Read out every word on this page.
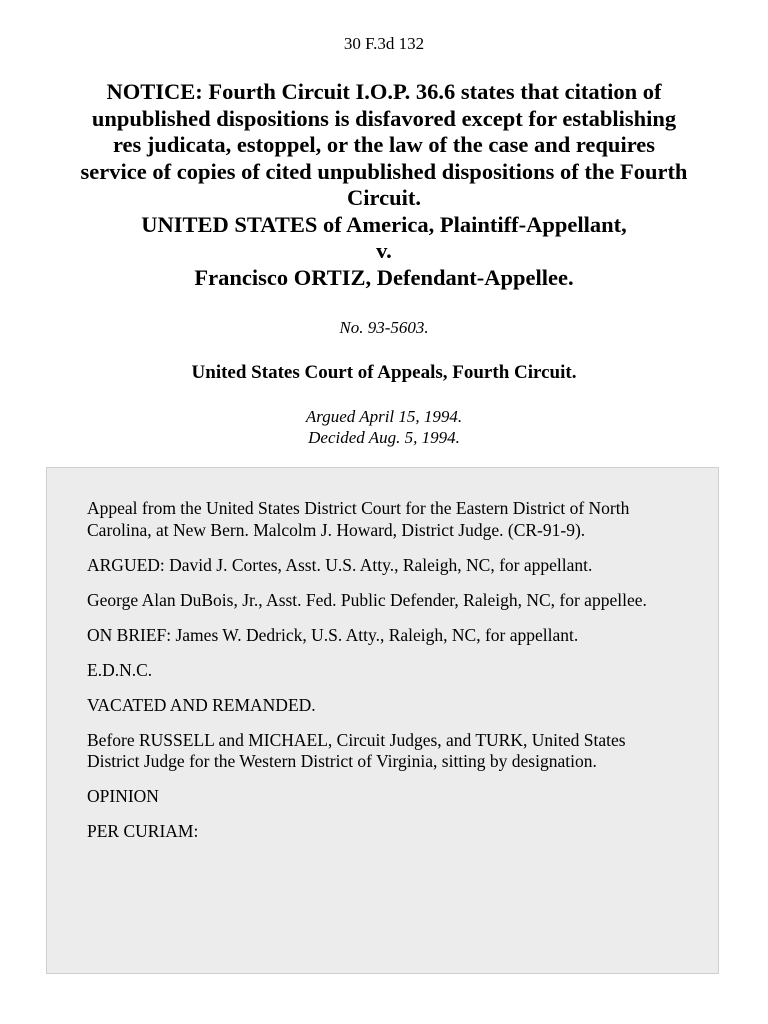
30 F.3d 132
NOTICE: Fourth Circuit I.O.P. 36.6 states that citation of
unpublished dispositions is disfavored except for establishing
res judicata, estoppel, or the law of the case and requires
service of copies of cited unpublished dispositions of the Fourth
Circuit.
UNITED STATES of America, Plaintiff-Appellant,
v.
Francisco ORTIZ, Defendant-Appellee.
No. 93-5603.
United States Court of Appeals, Fourth Circuit.
Argued April 15, 1994.
Decided Aug. 5, 1994.

Appeal from the United States District Court for the Eastern District of North Carolina, at New Bern. Malcolm J. Howard, District Judge. (CR-91-9).

ARGUED: David J. Cortes, Asst. U.S. Atty., Raleigh, NC, for appellant.

George Alan DuBois, Jr., Asst. Fed. Public Defender, Raleigh, NC, for appellee.

ON BRIEF: James W. Dedrick, U.S. Atty., Raleigh, NC, for appellant.

E.D.N.C.

VACATED AND REMANDED.

Before RUSSELL and MICHAEL, Circuit Judges, and TURK, United States District Judge for the Western District of Virginia, sitting by designation.

OPINION

PER CURIAM:
